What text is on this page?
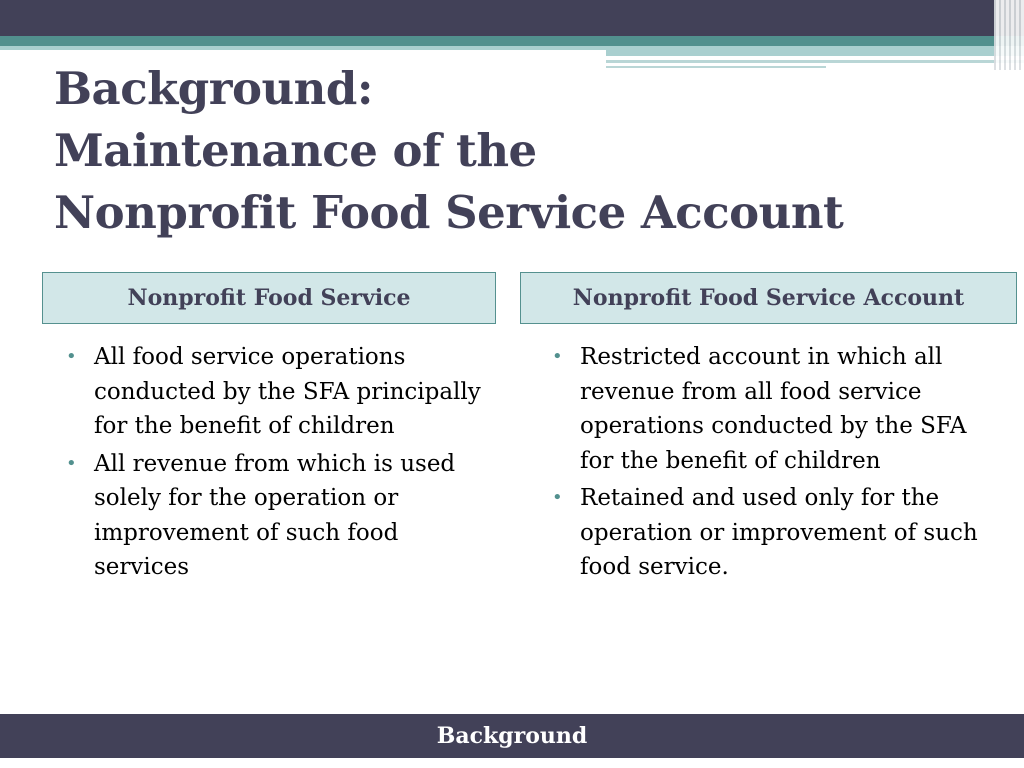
Background:
Maintenance of the
Nonprofit Food Service Account
Nonprofit Food Service	Nonprofit Food Service Account
• All food service operations conducted by the SFA principally for the benefit of children
• All revenue from which is used solely for the operation or improvement of such food services
• Restricted account in which all revenue from all food service operations conducted by the SFA for the benefit of children
• Retained and used only for the operation or improvement of such food service.
Background
